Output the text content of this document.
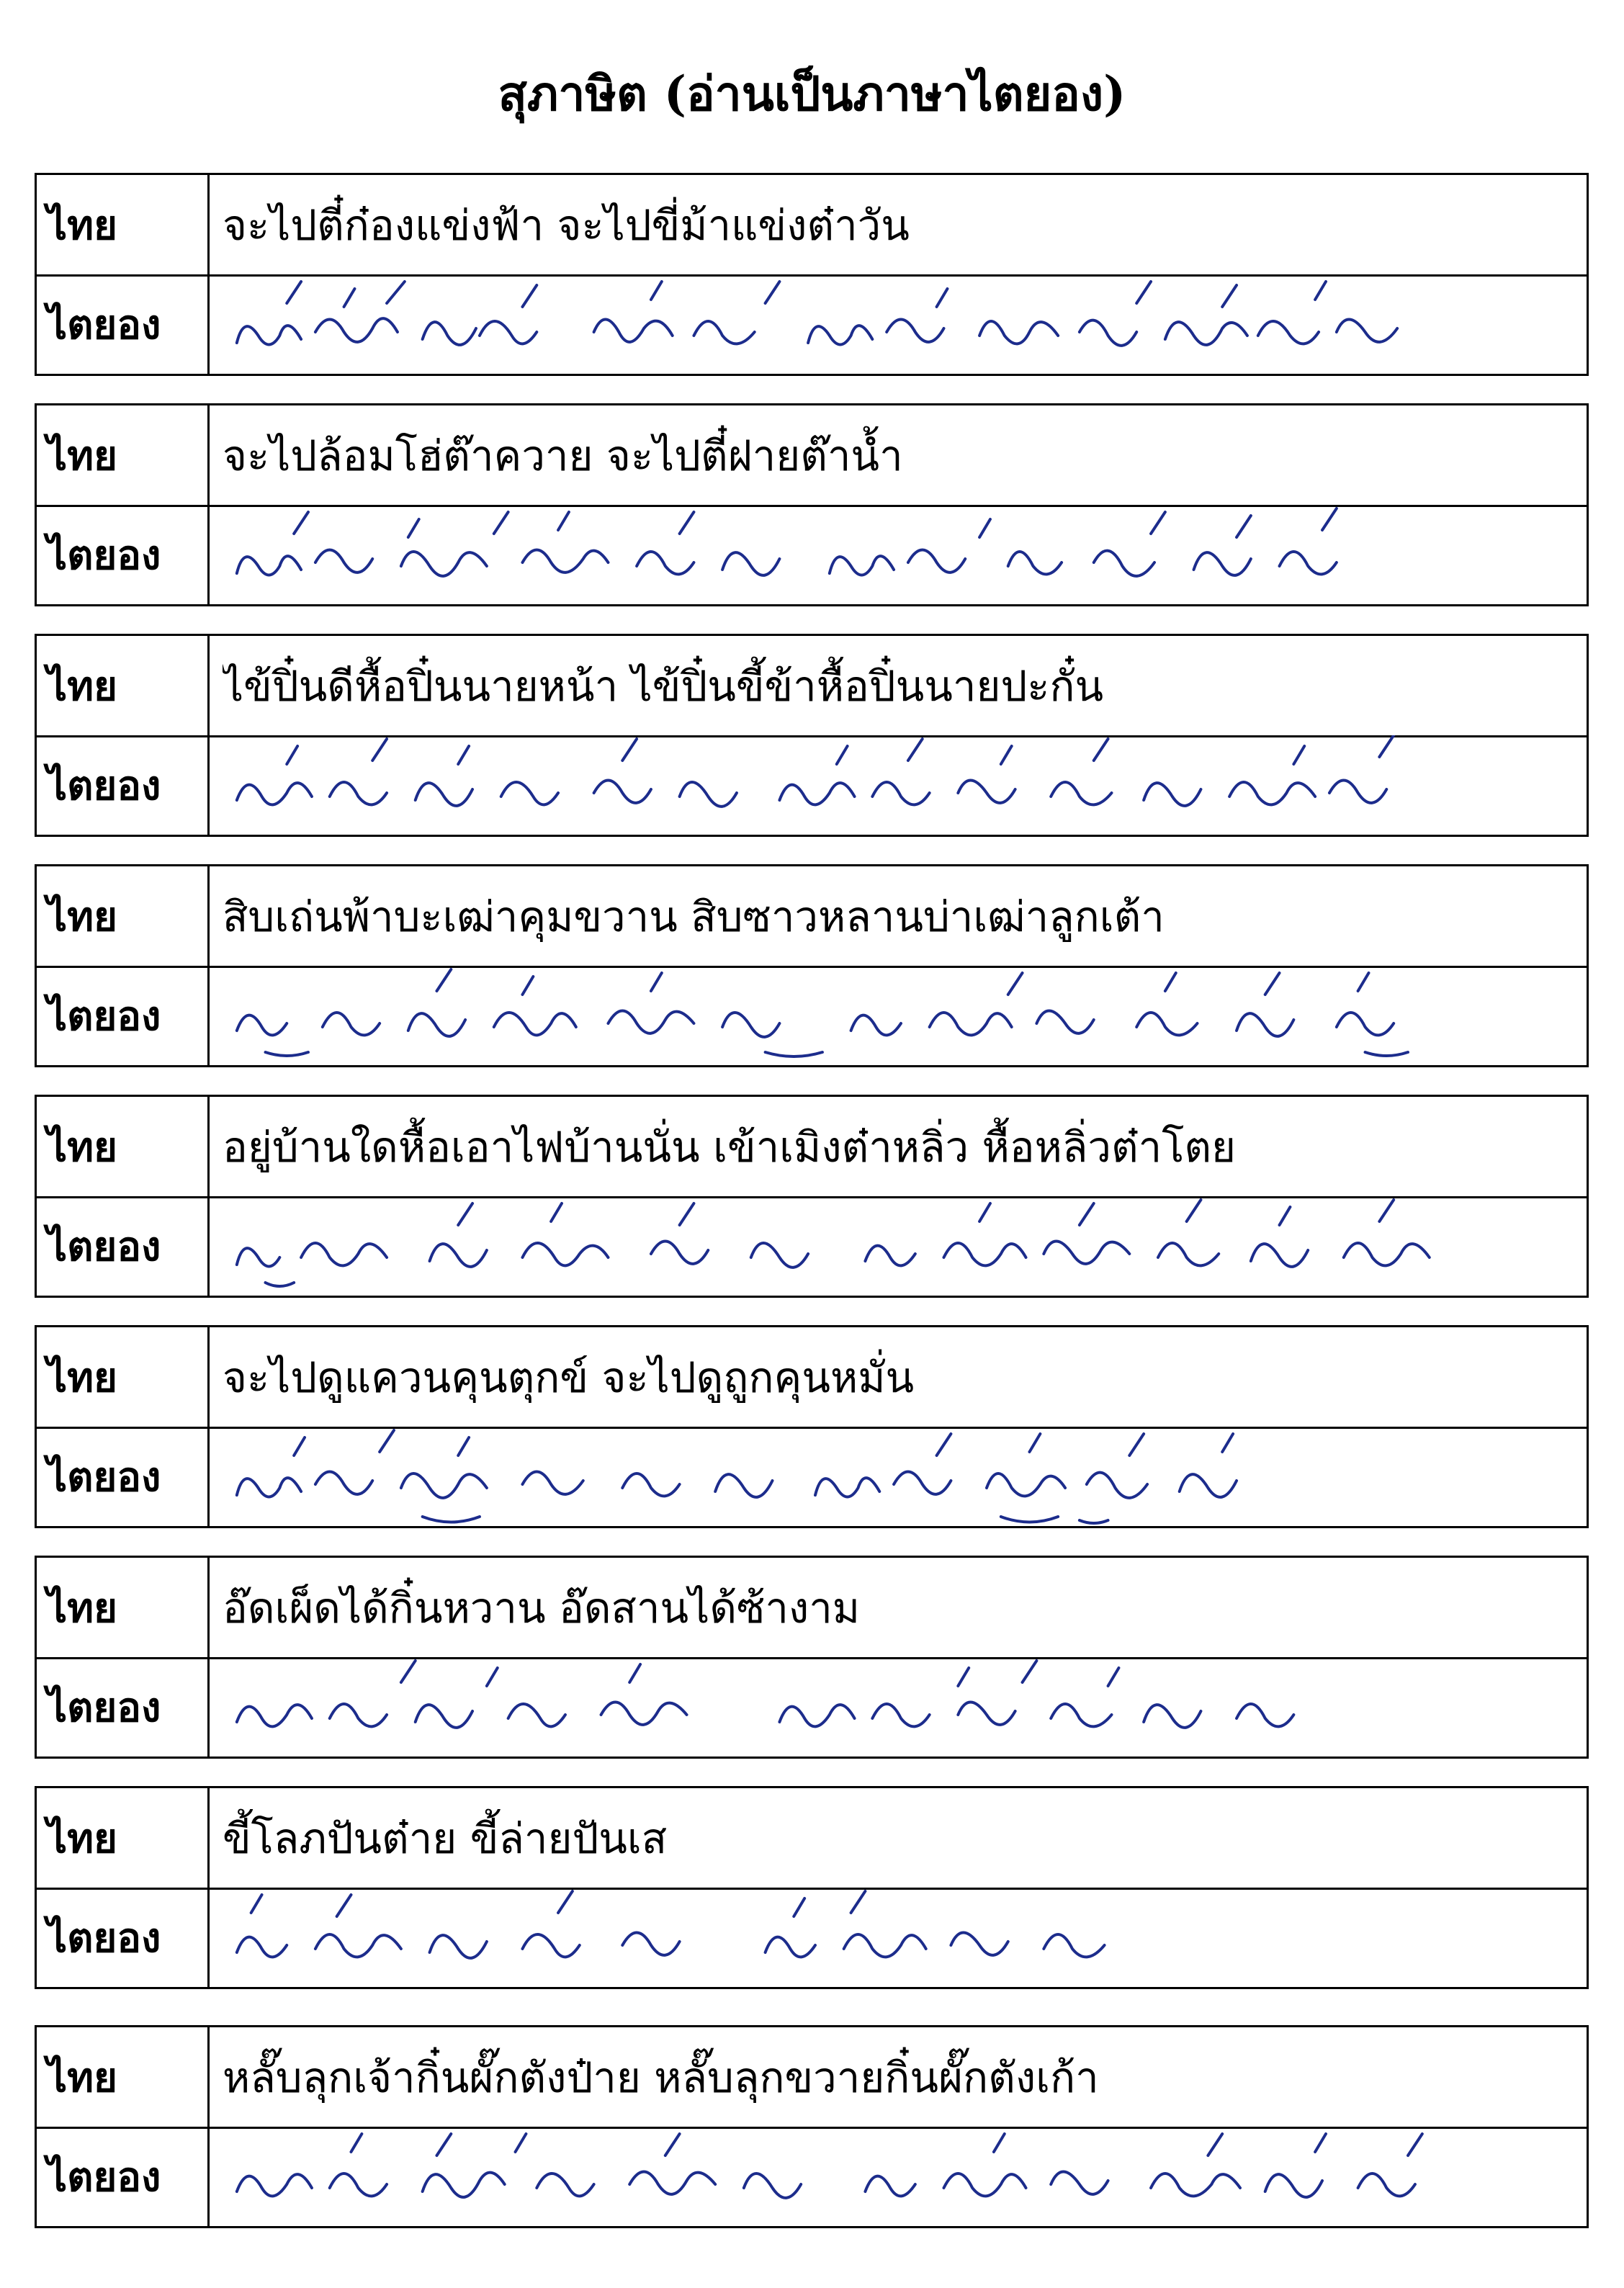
สุภาษิต (อ่านเป็นภาษาไตยอง)
ไทย	จะไปตี๋ก๋องแข่งฟ้า จะไปขี่ม้าแข่งต๋าวัน
ไตยอง
ไทย	จะไปล้อมโฮ่ต๊าควาย จะไปตี๋ฝายต๊าน้ำ
ไตยอง
ไทย	ไข้ปิ๋นดีหื้อปิ๋นนายหน้า ไข้ปิ๋นขี้ข้าหื้อปิ๋นนายปะกั๋น
ไตยอง
ไทย	สิบเถ่นพ้าบะเฒ่าคุมขวาน สิบซาวหลานบ่าเฒ่าลูกเต้า
ไตยอง
ไทย	อยู่บ้านใดหื้อเอาไฟบ้านนั่น เข้าเมิงต๋าหลิ่ว หื้อหลิ่วต๋าโตย
ไตยอง
ไทย	จะไปดูแควนคุนตุกข์ จะไปดูถูกคุนหมั่น
ไตยอง
ไทย	อ๊ดเผ็ดได้กิ๋นหวาน อ๊ดสานได้ซ้างาม
ไตยอง
ไทย	ขี้โลภปันต๋าย ขี้ล่ายปันเส
ไตยอง
ไทย	หลั๊บลุกเจ้ากิ๋นผั๊กตังป๋าย หลั๊บลุกขวายกิ๋นผั๊กตังเก้า
ไตยอง
